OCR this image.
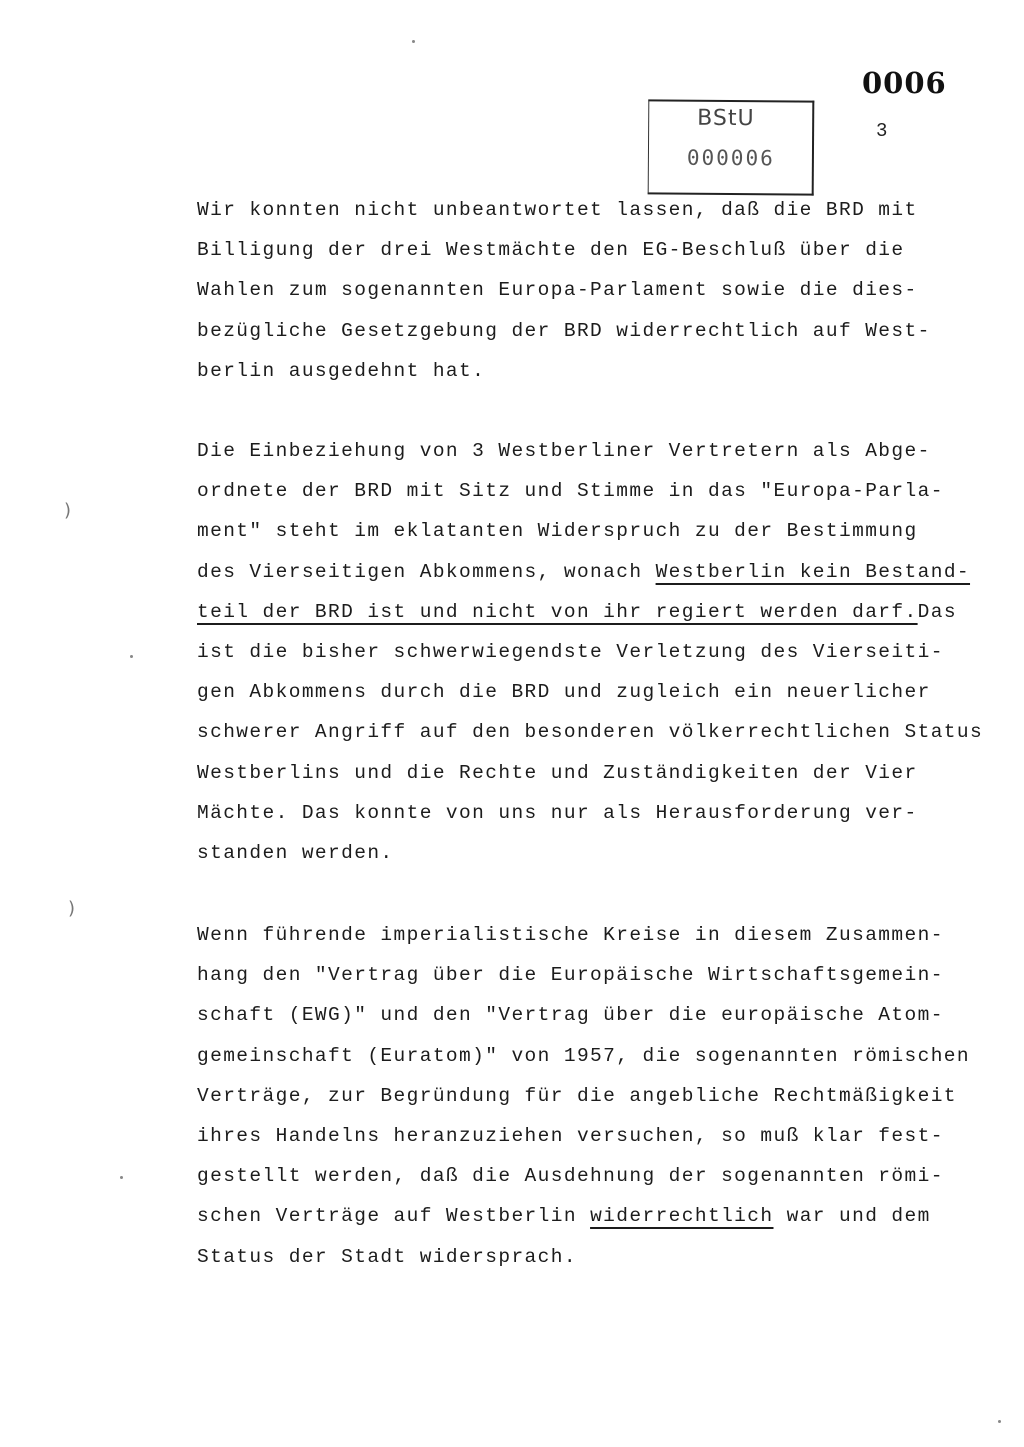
0006
BStU
000006
3
Wir konnten nicht unbeantwortet lassen, daß die BRD mit
Billigung der drei Westmächte den EG-Beschluß über die
Wahlen zum sogenannten Europa-Parlament sowie die dies-
bezügliche Gesetzgebung der BRD widerrechtlich auf West-
berlin ausgedehnt hat.
Die Einbeziehung von 3 Westberliner Vertretern als Abge-
ordnete der BRD mit Sitz und Stimme in das "Europa-Parla-
ment" steht im eklatanten Widerspruch zu der Bestimmung
des Vierseitigen Abkommens, wonach Westberlin kein Bestand-
teil der BRD ist und nicht von ihr regiert werden darf.Das
ist die bisher schwerwiegendste Verletzung des Vierseiti-
gen Abkommens durch die BRD und zugleich ein neuerlicher
schwerer Angriff auf den besonderen völkerrechtlichen Status
Westberlins und die Rechte und Zuständigkeiten der Vier
Mächte. Das konnte von uns nur als Herausforderung ver-
standen werden.
Wenn führende imperialistische Kreise in diesem Zusammen-
hang den "Vertrag über die Europäische Wirtschaftsgemein-
schaft (EWG)" und den "Vertrag über die europäische Atom-
gemeinschaft (Euratom)" von 1957, die sogenannten römischen
Verträge, zur Begründung für die angebliche Rechtmäßigkeit
ihres Handelns heranzuziehen versuchen, so muß klar fest-
gestellt werden, daß die Ausdehnung der sogenannten römi-
schen Verträge auf Westberlin widerrechtlich war und dem
Status der Stadt widersprach.
)
)
